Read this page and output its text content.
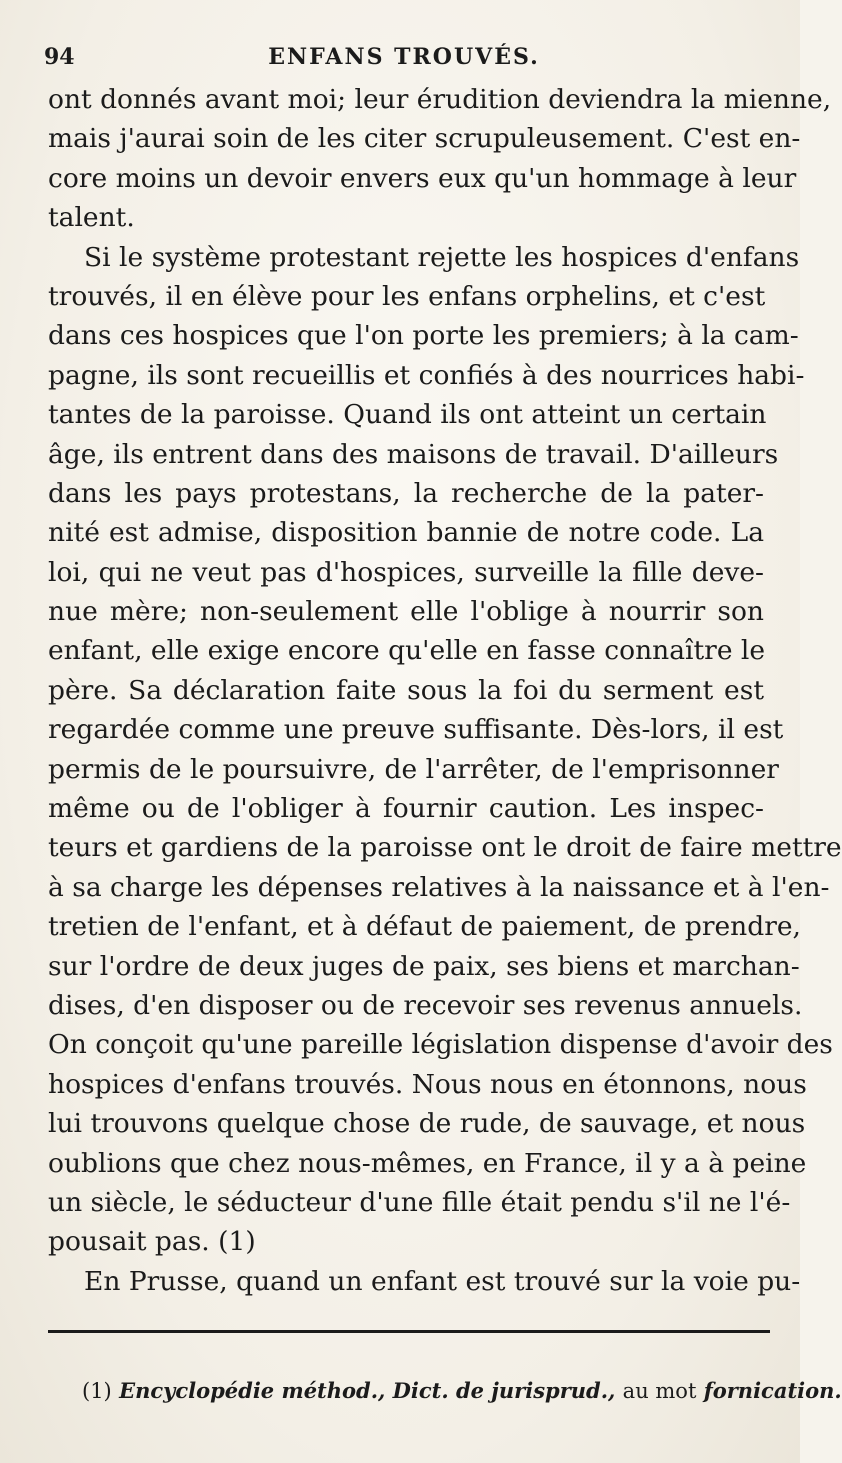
94	ENFANS TROUVÉS.
ont donnés avant moi; leur érudition deviendra la mienne,
mais j'aurai soin de les citer scrupuleusement. C'est en-
core moins un devoir envers eux qu'un hommage à leur
talent.
Si le système protestant rejette les hospices d'enfans
trouvés, il en élève pour les enfans orphelins, et c'est
dans ces hospices que l'on porte les premiers; à la cam-
pagne, ils sont recueillis et confiés à des nourrices habi-
tantes de la paroisse. Quand ils ont atteint un certain
âge, ils entrent dans des maisons de travail. D'ailleurs
dans les pays protestans, la recherche de la pater-
nité est admise, disposition bannie de notre code. La
loi, qui ne veut pas d'hospices, surveille la fille deve-
nue mère; non-seulement elle l'oblige à nourrir son
enfant, elle exige encore qu'elle en fasse connaître le
père. Sa déclaration faite sous la foi du serment est
regardée comme une preuve suffisante. Dès-lors, il est
permis de le poursuivre, de l'arrêter, de l'emprisonner
même ou de l'obliger à fournir caution. Les inspec-
teurs et gardiens de la paroisse ont le droit de faire mettre
à sa charge les dépenses relatives à la naissance et à l'en-
tretien de l'enfant, et à défaut de paiement, de prendre,
sur l'ordre de deux juges de paix, ses biens et marchan-
dises, d'en disposer ou de recevoir ses revenus annuels.
On conçoit qu'une pareille législation dispense d'avoir des
hospices d'enfans trouvés. Nous nous en étonnons, nous
lui trouvons quelque chose de rude, de sauvage, et nous
oublions que chez nous-mêmes, en France, il y a à peine
un siècle, le séducteur d'une fille était pendu s'il ne l'é-
pousait pas. (1)
En Prusse, quand un enfant est trouvé sur la voie pu-
(1) Encyclopédie méthod., Dict. de jurisprud., au mot fornication.
